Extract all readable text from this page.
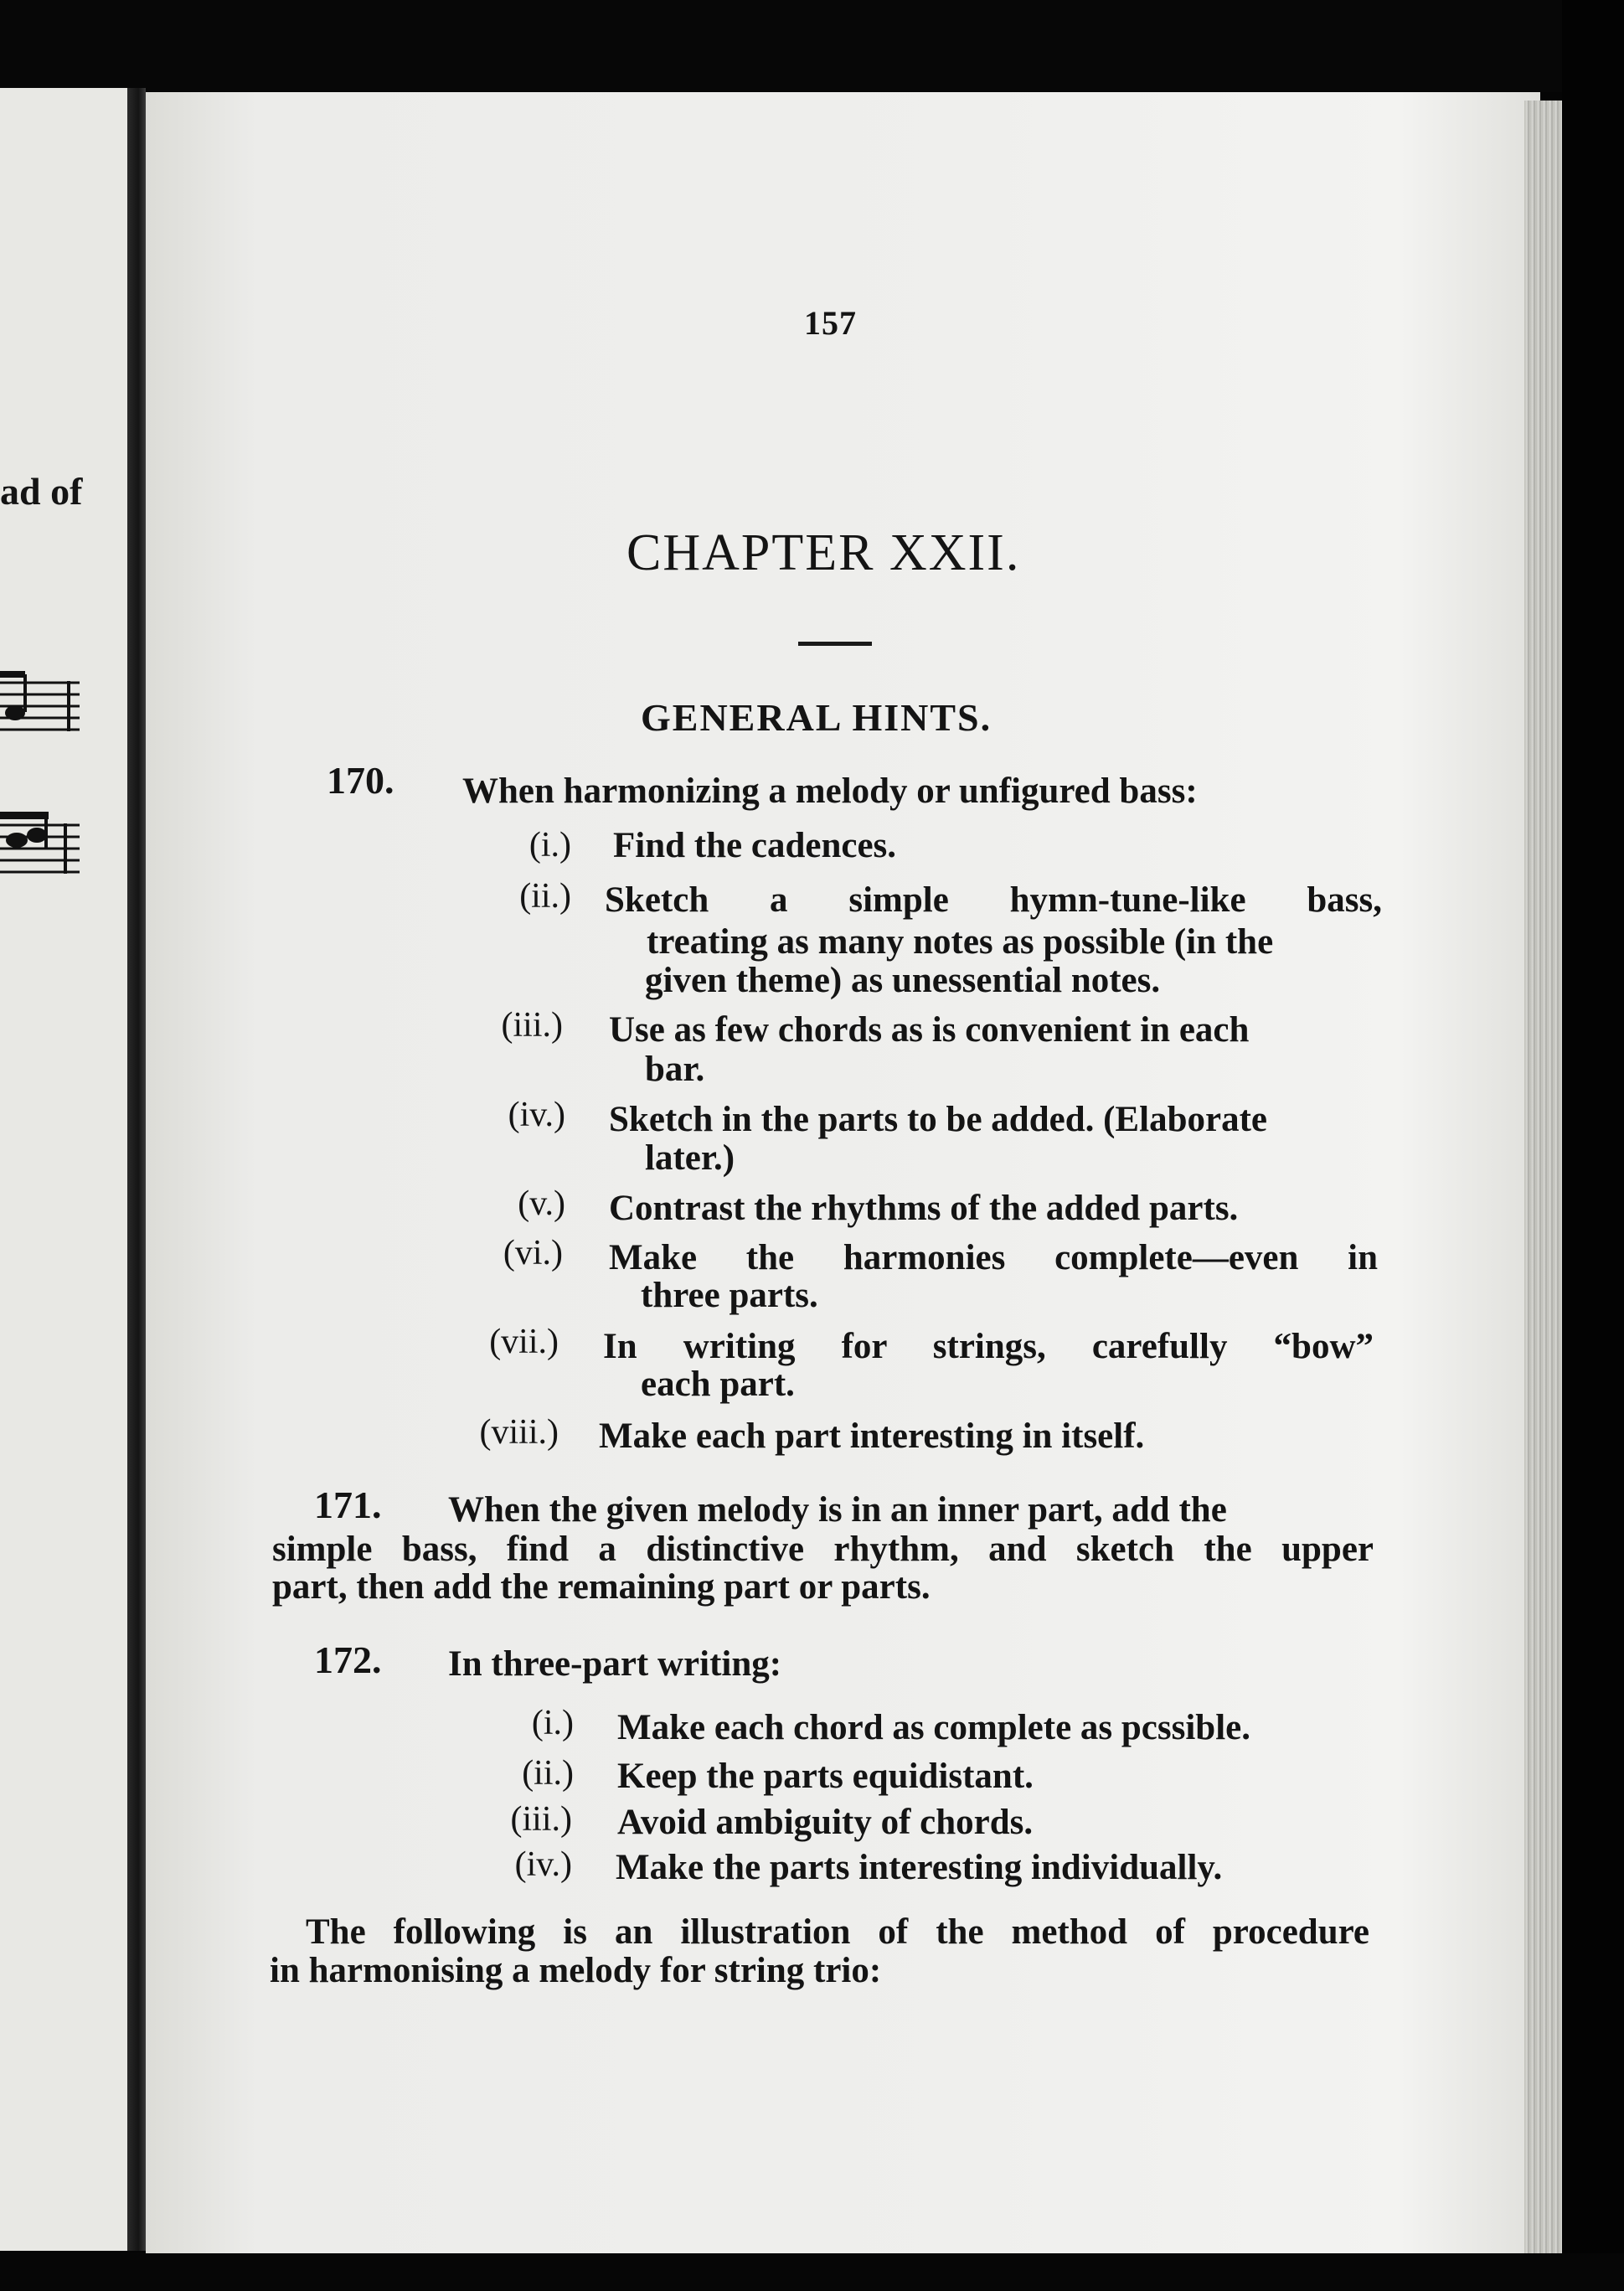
ad of
157
CHAPTER XXII.
GENERAL HINTS.
170. When harmonizing a melody or unfigured bass:
(i.) Find the cadences.
(ii.) Sketch a simple hymn-tune-like bass,
treating as many notes as possible (in the
given theme) as unessential notes.
(iii.) Use as few chords as is convenient in each
bar.
(iv.) Sketch in the parts to be added. (Elaborate
later.)
(v.) Contrast the rhythms of the added parts.
(vi.) Make the harmonies complete—even in
three parts.
(vii.) In writing for strings, carefully “bow”
each part.
(viii.) Make each part interesting in itself.
171. When the given melody is in an inner part, add the
simple bass, find a distinctive rhythm, and sketch the upper
part, then add the remaining part or parts.
172. In three-part writing:
(i.) Make each chord as complete as pcssible.
(ii.) Keep the parts equidistant.
(iii.) Avoid ambiguity of chords.
(iv.) Make the parts interesting individually.
The following is an illustration of the method of procedure
in harmonising a melody for string trio:
